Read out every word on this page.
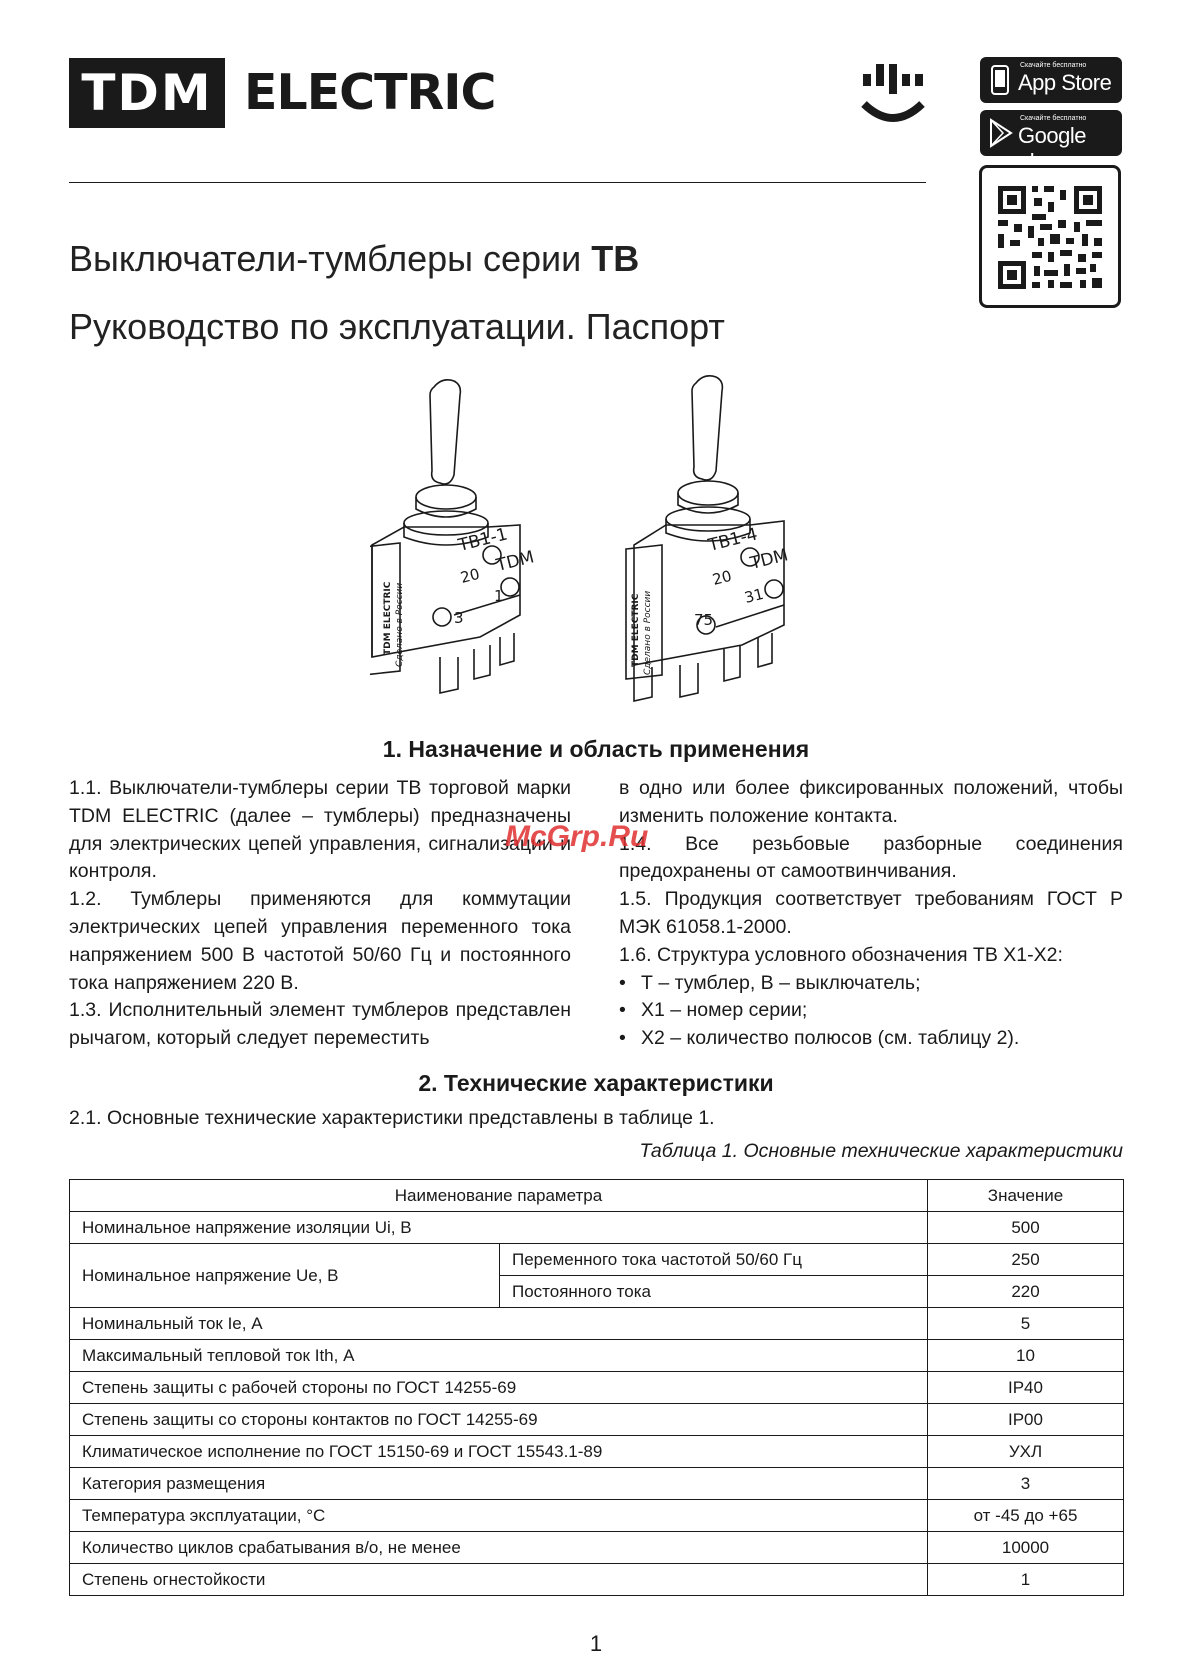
TDM ELECTRIC	Скачайте бесплатно
App Store
Скачайте бесплатно
Google play
Выключатели-тумблеры серии ТВ
Руководство по эксплуатации. Паспорт
ТВ1-1
TDM
20
1
3
TDM ELECTRIC Сделано в России
ТВ1-4
TDM
20
31
75
TDM ELECTRIC Сделано в России
1. Назначение и область применения

1.1. Выключатели-тумблеры серии ТВ торговой марки TDM ELECTRIC (далее – тумблеры) предназначены для электрических цепей управления, сигнализации и контроля.

1.2. Тумблеры применяются для коммутации электрических цепей управления переменного тока напряжением 500 В частотой 50/60 Гц и постоянного тока напряжением 220 В.

1.3. Исполнительный элемент тумблеров представлен рычагом, который следует переместить

в одно или более фиксированных положений, чтобы изменить положение контакта.

1.4. Все резьбовые разборные соединения предохранены от самоотвинчивания.

1.5. Продукция соответствует требованиям ГОСТ Р МЭК 61058.1-2000.

1.6. Структура условного обозначения ТВ Х1-Х2:

• Т – тумблер, В – выключатель;
• Х1 – номер серии;
• Х2 – количество полюсов (см. таблицу 2).
McGrp.Ru
2. Технические характеристики
2.1. Основные технические характеристики представлены в таблице 1.
Таблица 1. Основные технические характеристики
Наименование параметра		Значение
Номинальное напряжение изоляции Ui, В		500
Номинальное напряжение Ue, В	Переменного тока частотой 50/60 Гц	250
	Постоянного тока	220
Номинальный ток Ie, А		5
Максимальный тепловой ток Ith, А		10
Степень защиты с рабочей стороны по ГОСТ 14255-69		IP40
Степень защиты со стороны контактов по ГОСТ 14255-69		IP00
Климатическое исполнение по ГОСТ 15150-69 и ГОСТ 15543.1-89		УХЛ
Категория размещения		3
Температура эксплуатации, °С		от -45 до +65
Количество циклов срабатывания в/о, не менее		10000
Степень огнестойкости		1
1
